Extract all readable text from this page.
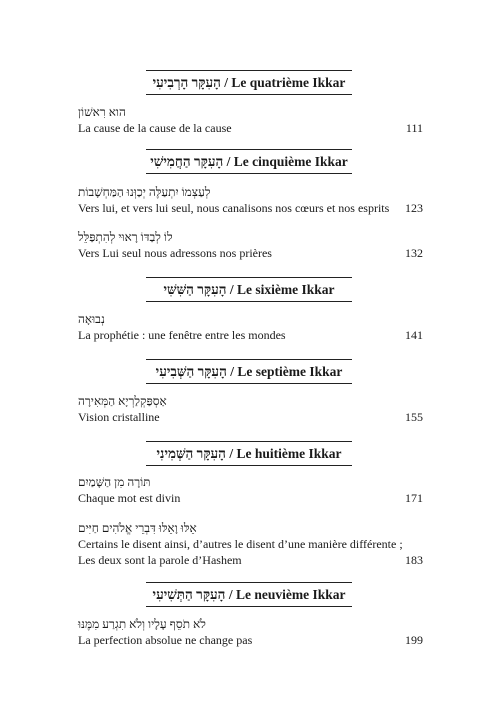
הָעִקָּר הָרְבִיעִי / Le quatrième Ikkar
הוא רִאשׁוֹן
La cause de la cause de la cause	111
הָעִקָּר הַחֲמִישִׁי / Le cinquième Ikkar
לְעַצְמוֹ יִתְעַלֶּה יְכַוְּנוּ הַמַּחְשָׁבוֹת
Vers lui, et vers lui seul, nous canalisons nos cœurs et nos esprits 123
לוֹ לְבַדּוֹ רָאוּי לְהִתְפַּלֵּל
Vers Lui seul nous adressons nos prières	132
הָעִקָּר הַשִּׁשִּׁי / Le sixième Ikkar
נְבוּאָה
La prophétie : une fenêtre entre les mondes	141
הָעִקָּר הַשְּׁבִיעִי / Le septième Ikkar
אַסְפַּקְלַרְיָא הַמְּאִירָה
Vision cristalline	155
הָעִקָּר הַשְּׁמִינִי / Le huitième Ikkar
תּוֹרָה מִן הַשָּׁמַיִם
Chaque mot est divin	171
אֵלּוּ וָאֵלּוּ דִּבְרֵי אֱלֹהִים חַיִּים
Certains le disent ainsi, d’autres le disent d’une manière différente ;
Les deux sont la parole d’Hashem	183
הָעִקָּר הַתְּשִׁיעִי / Le neuvième Ikkar
לֹא תֹסֵף עָלָיו וְלֹא תִגְרַע מִמֶּנּוּ
La perfection absolue ne change pas	199
